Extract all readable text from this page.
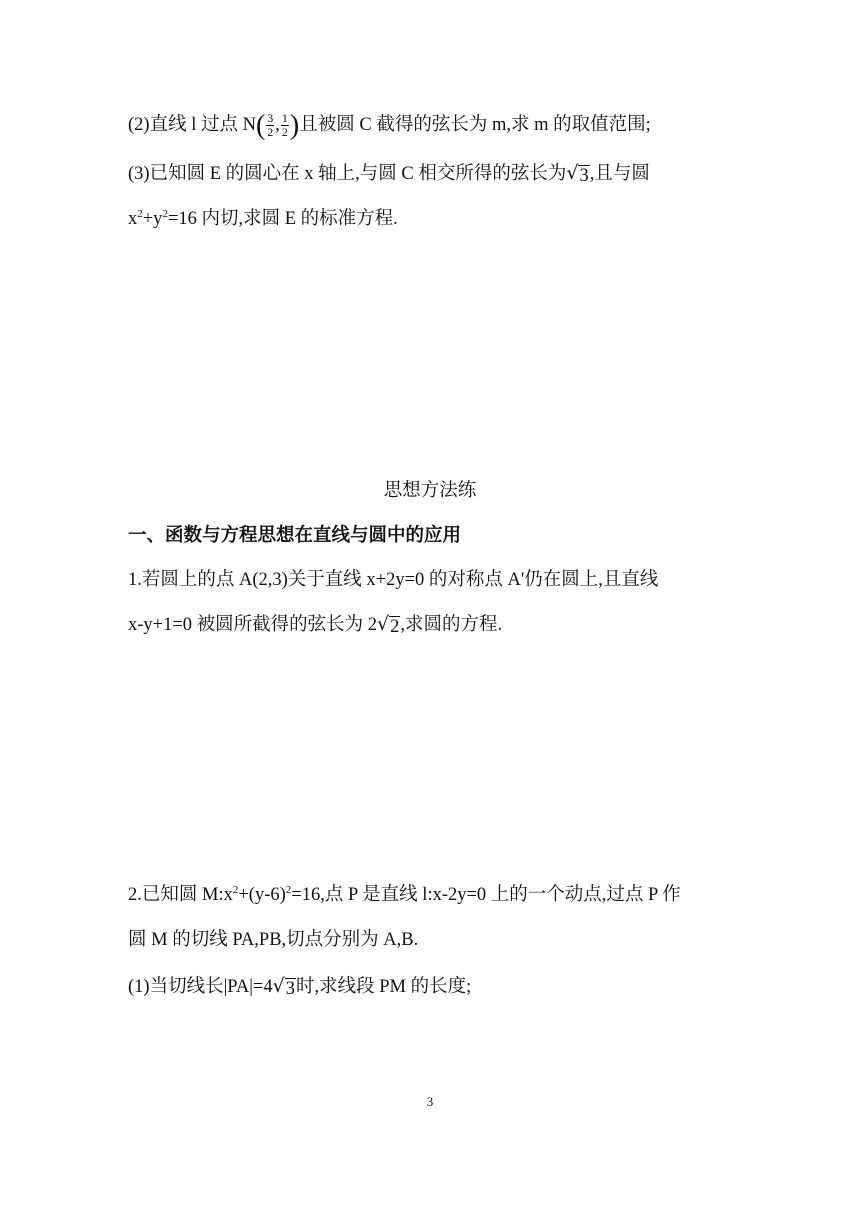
(2)直线 l 过点 $N( \frac{3}{2}$ , $\frac{1}{2}$ )且被圆 C 截得的弦长为 m,求 m 的取值范围;
(3)已知圆 E 的圆心在 x 轴上,与圆 C 相交所得的弦长为 √ 3 ,且与圆
$x^2+y^2=16$ 内切,求圆 E 的标准方程.
思想方法练
一、函数与方程思想在直线与圆中的应用
1.若圆上的点 A(2,3)关于直线 x+2y=0 的对称点 A'仍在圆上,且直线
x-y+1=0 被圆所截得的弦长为 2 √ 2 ,求圆的方程.
2.已知圆 $M:x^2+(y-6)^2=16$,点 P 是直线 l:x-2y=0 上的一个动点,过点 P 作
圆 M 的切线 PA,PB,切点分别为 A,B.
(1)当切线长|PA|=4 √ 3 时,求线段 PM 的长度;
3
